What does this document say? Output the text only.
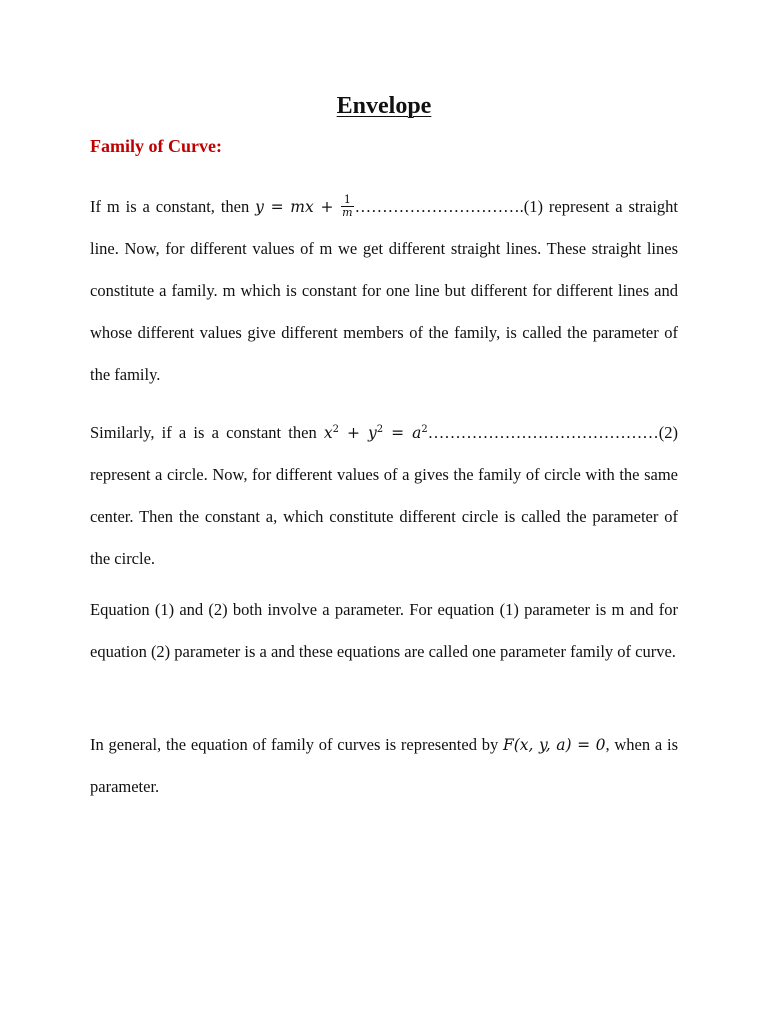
Envelope
Family of Curve:

If m is a constant, then y = mx + $\frac{1}{m}$ ………………………….(1) represent a straight line. Now, for different values of m we get different straight lines. These straight lines constitute a family. m which is constant for one line but different for different lines and whose different values give different members of the family, is called the parameter of the family.

Similarly, if a is a constant then $x^2 + y^2$ = $a^2\dots\dots\dots\dots\dots\dots\dots\dots\dots\dots\dots\dots\dots\dots(2)$ represent a circle. Now, for different values of a gives the family of circle with the same center. Then the constant a, which constitute different circle is called the parameter of the circle.

Equation (1) and (2) both involve a parameter. For equation (1) parameter is m and for equation (2) parameter is a and these equations are called one parameter family of curve.

In general, the equation of family of curves is represented by F(x, y, a) = 0, when a is parameter.
